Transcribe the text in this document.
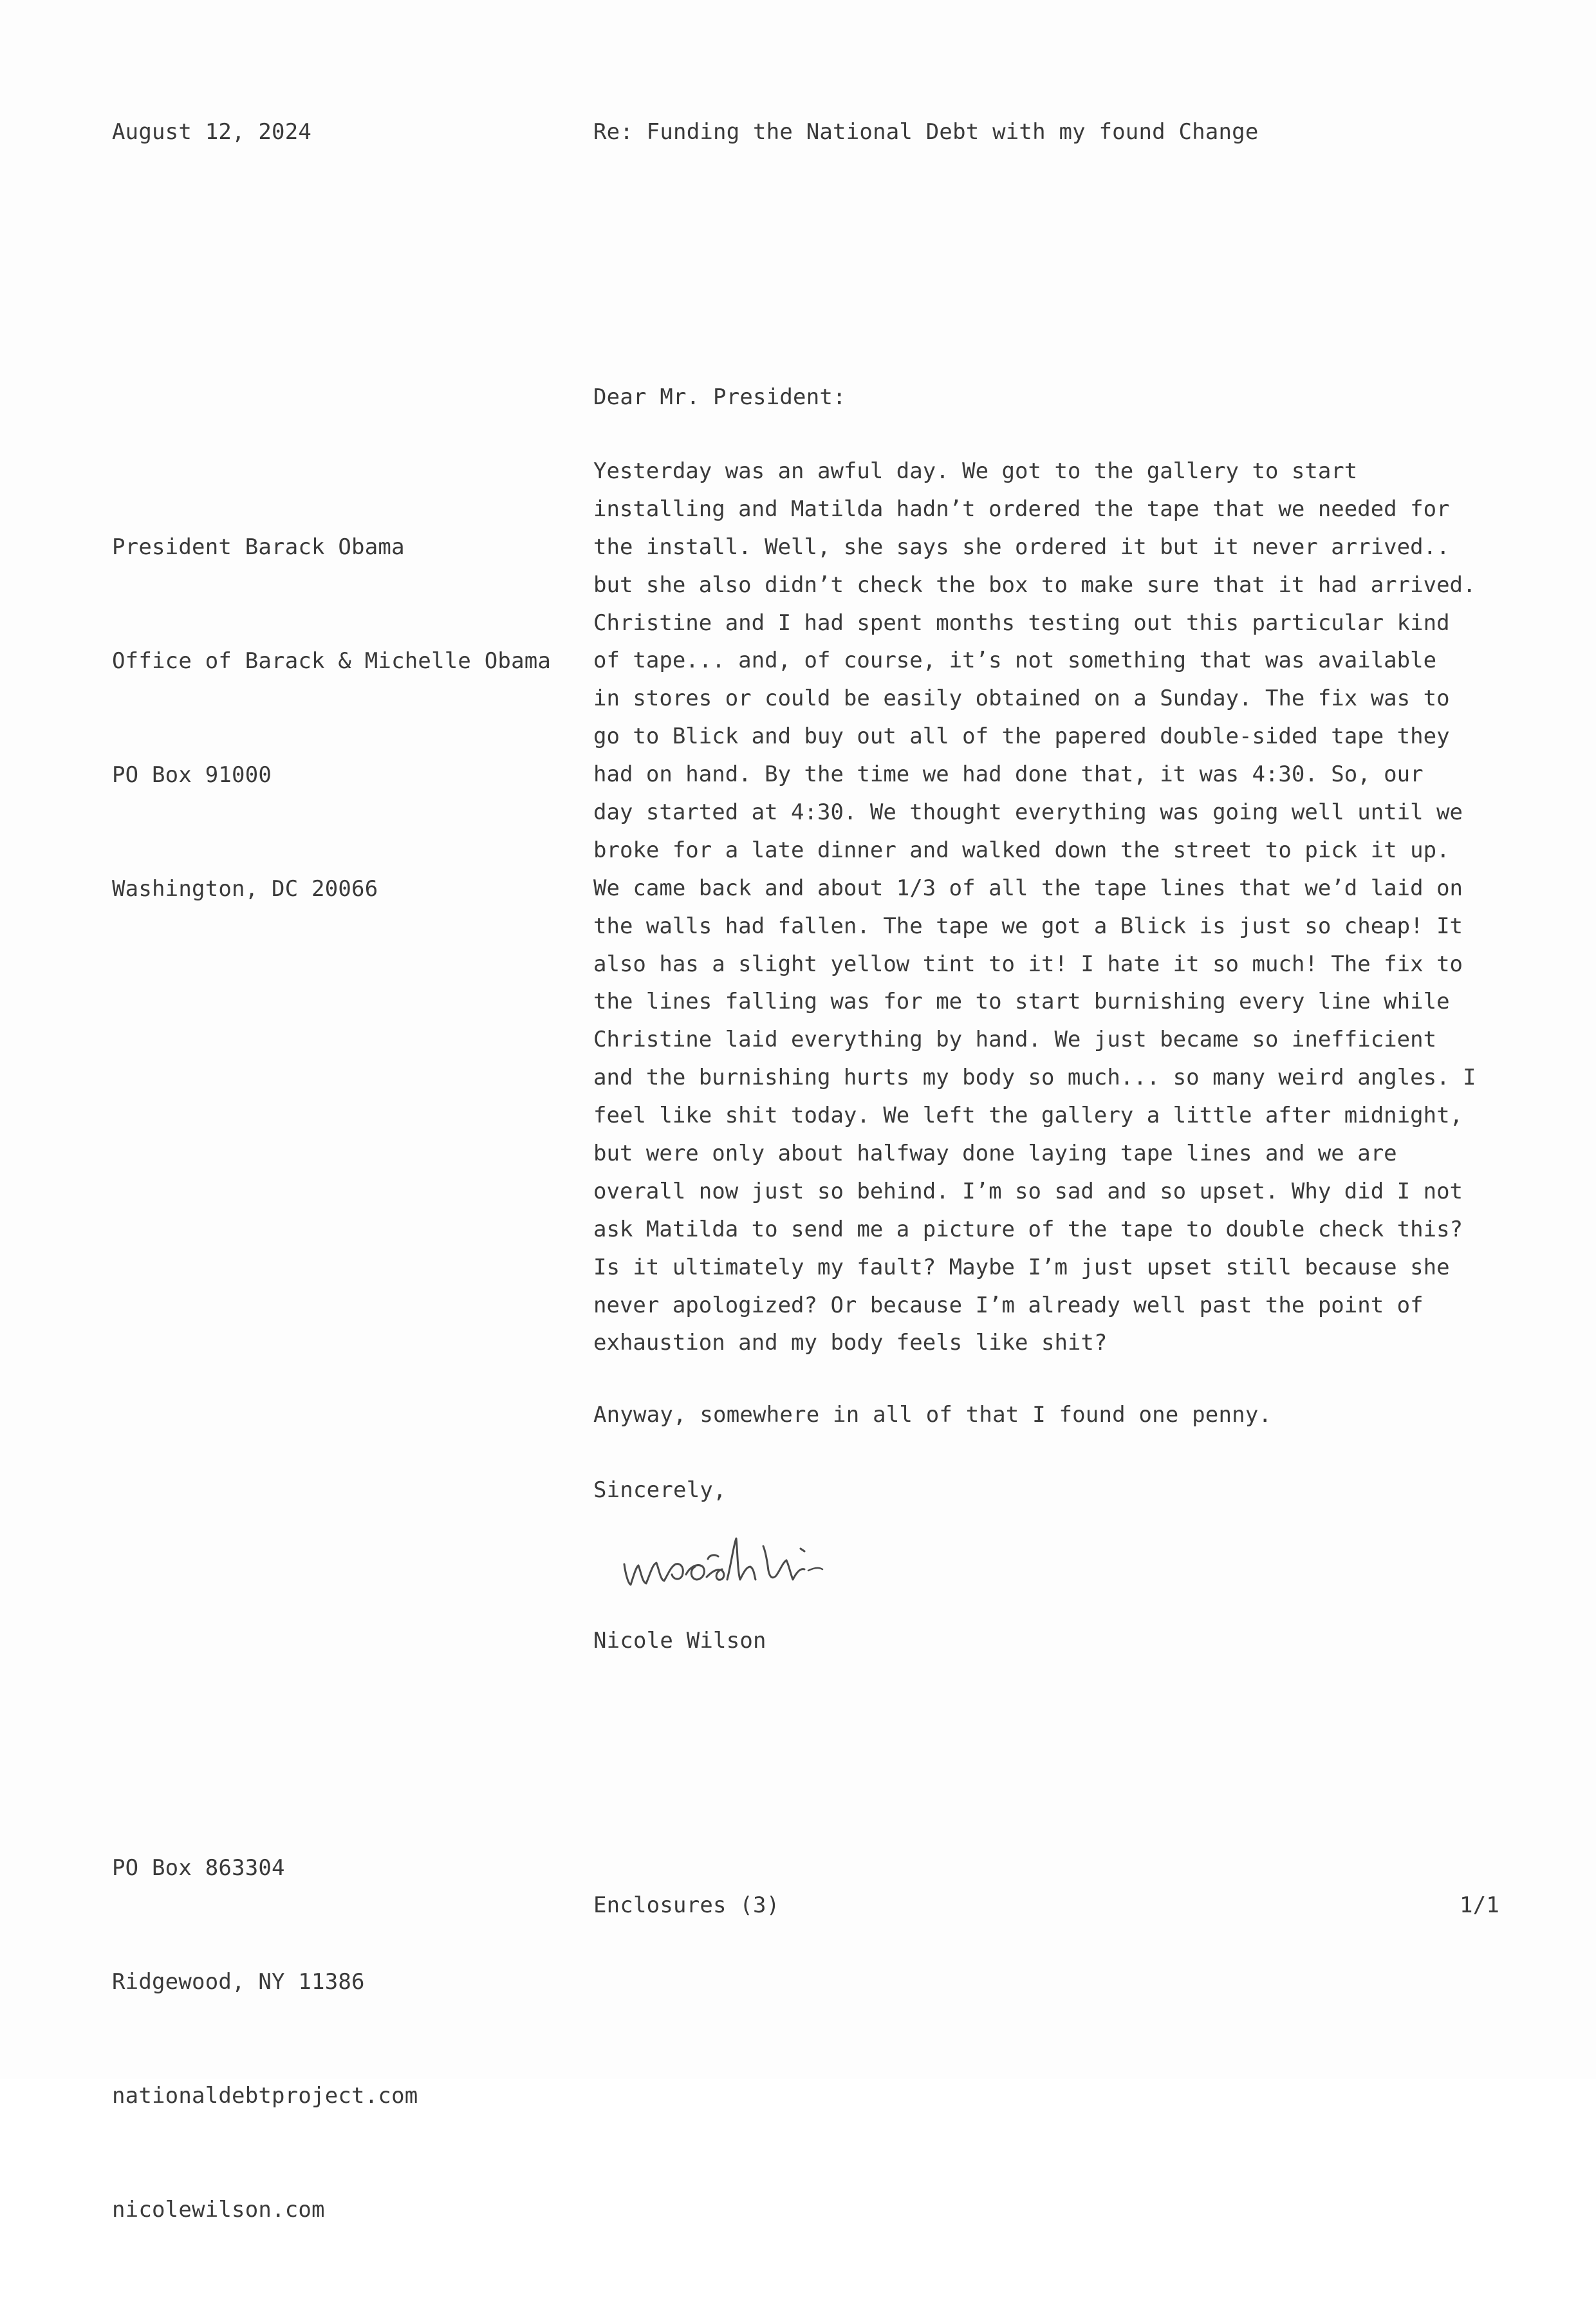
August 12, 2024	Re: Funding the National Debt with my found Change
Dear Mr. President:

President Barack Obama

Office of Barack & Michelle Obama

PO Box 91000

Washington, DC 20066

Yesterday was an awful day. We got to the gallery to start
installing and Matilda hadn’t ordered the tape that we needed for
the install. Well, she says she ordered it but it never arrived..
but she also didn’t check the box to make sure that it had arrived.
Christine and I had spent months testing out this particular kind
of tape... and, of course, it’s not something that was available
in stores or could be easily obtained on a Sunday. The fix was to
go to Blick and buy out all of the papered double-sided tape they
had on hand. By the time we had done that, it was 4:30. So, our
day started at 4:30. We thought everything was going well until we
broke for a late dinner and walked down the street to pick it up.
We came back and about 1/3 of all the tape lines that we’d laid on
the walls had fallen. The tape we got a Blick is just so cheap! It
also has a slight yellow tint to it! I hate it so much! The fix to
the lines falling was for me to start burnishing every line while
Christine laid everything by hand. We just became so inefficient
and the burnishing hurts my body so much... so many weird angles. I
feel like shit today. We left the gallery a little after midnight,
but were only about halfway done laying tape lines and we are
overall now just so behind. I’m so sad and so upset. Why did I not
ask Matilda to send me a picture of the tape to double check this?
Is it ultimately my fault? Maybe I’m just upset still because she
never apologized? Or because I’m already well past the point of
exhaustion and my body feels like shit?
Anyway, somewhere in all of that I found one penny.
Sincerely,
Nicole Wilson

PO Box 863304

Ridgewood, NY 11386

nationaldebtproject.com

nicolewilson.com

Enclosures (3)	1/1
